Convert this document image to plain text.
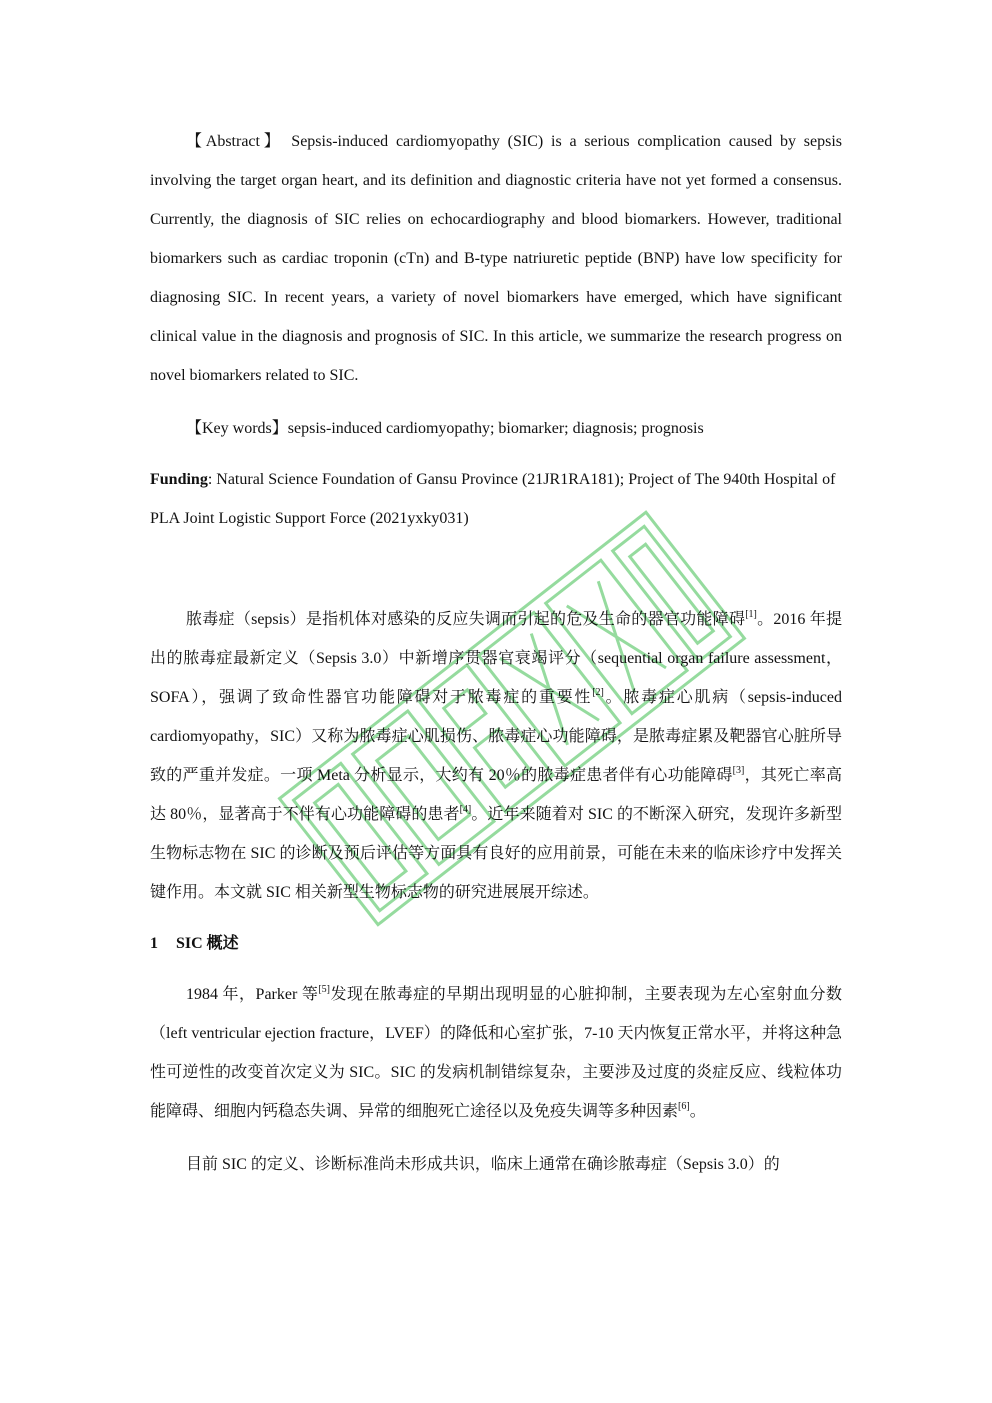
【Abstract】 Sepsis-induced cardiomyopathy (SIC) is a serious complication caused by sepsis involving the target organ heart, and its definition and diagnostic criteria have not yet formed a consensus. Currently, the diagnosis of SIC relies on echocardiography and blood biomarkers. However, traditional biomarkers such as cardiac troponin (cTn) and B-type natriuretic peptide (BNP) have low specificity for diagnosing SIC. In recent years, a variety of novel biomarkers have emerged, which have significant clinical value in the diagnosis and prognosis of SIC. In this article, we summarize the research progress on novel biomarkers related to SIC.

【Key words】sepsis-induced cardiomyopathy; biomarker; diagnosis; prognosis

Funding: Natural Science Foundation of Gansu Province (21JR1RA181); Project of The 940th Hospital of PLA Joint Logistic Support Force (2021yxky031)

脓毒症（sepsis）是指机体对感染的反应失调而引起的危及生命的器官功能障碍[1]。2016 年提出的脓毒症最新定义（Sepsis 3.0）中新增序贯器官衰竭评分（sequential organ failure assessment，SOFA），强调了致命性器官功能障碍对于脓毒症的重要性[2]。脓毒症心肌病（sepsis-induced cardiomyopathy，SIC）又称为脓毒症心肌损伤、脓毒症心功能障碍，是脓毒症累及靶器官心脏所导致的严重并发症。一项 Meta 分析显示，大约有 20％的脓毒症患者伴有心功能障碍[3]，其死亡率高达 80％，显著高于不伴有心功能障碍的患者[4]。近年来随着对 SIC 的不断深入研究，发现许多新型生物标志物在 SIC 的诊断及预后评估等方面具有良好的应用前景，可能在未来的临床诊疗中发挥关键作用。本文就 SIC 相关新型生物标志物的研究进展展开综述。

1 SIC 概述

1984 年，Parker 等[5]发现在脓毒症的早期出现明显的心脏抑制，主要表现为左心室射血分数（left ventricular ejection fracture，LVEF）的降低和心室扩张，7-10 天内恢复正常水平，并将这种急性可逆性的改变首次定义为 SIC。SIC 的发病机制错综复杂，主要涉及过度的炎症反应、线粒体功能障碍、细胞内钙稳态失调、异常的细胞死亡途径以及免疫失调等多种因素[6]。

目前 SIC 的定义、诊断标准尚未形成共识，临床上通常在确诊脓毒症（Sepsis 3.0）的
